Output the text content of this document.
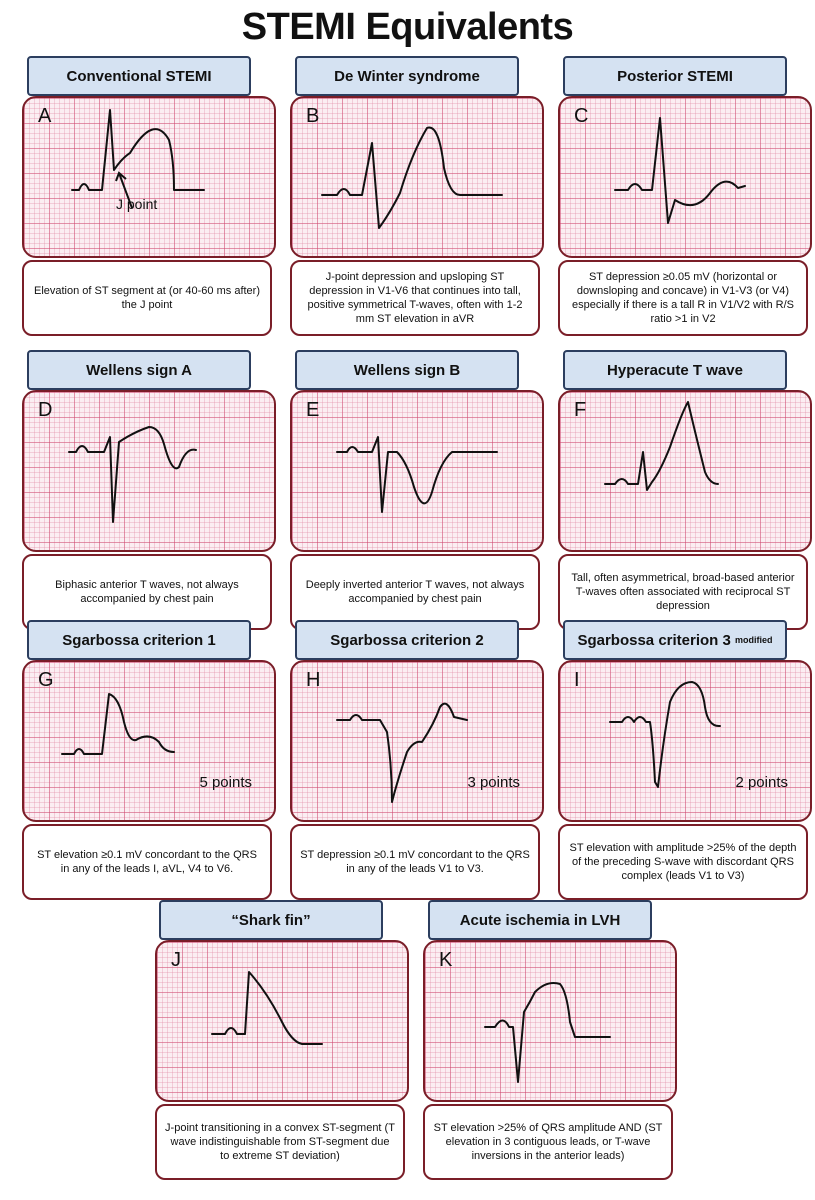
STEMI Equivalents
Conventional STEMI
A
J point
Elevation of ST segment at (or 40-60 ms after) the J point
De Winter syndrome
B
J-point depression and upsloping ST depression in V1-V6 that continues into tall, positive symmetrical T-waves, often with 1-2 mm ST elevation in aVR
Posterior STEMI
C
ST depression ≥0.05 mV (horizontal or downsloping and concave) in V1-V3 (or V4) especially if there is a tall R in V1/V2 with R/S ratio >1 in V2
Wellens sign A
D
Biphasic anterior T waves, not always accompanied by chest pain
Wellens sign B
E
Deeply inverted anterior T waves, not always accompanied by chest pain
Hyperacute T wave
F
Tall, often asymmetrical, broad-based anterior T-waves often associated with reciprocal ST depression
Sgarbossa criterion 1
G
5 points
ST elevation ≥0.1 mV concordant to the QRS in any of the leads I, aVL, V4 to V6.
Sgarbossa criterion 2
H
3 points
ST depression ≥0.1 mV concordant to the QRS in any of the leads V1 to V3.
Sgarbossa criterion 3
modified
I
2 points
ST elevation with amplitude >25% of the depth of the preceding S-wave with discordant QRS complex (leads V1 to V3)
“Shark fin”
J
J-point transitioning in a convex ST-segment (T wave indistinguishable from ST-segment due to extreme ST deviation)
Acute ischemia in LVH
K
ST elevation >25% of QRS amplitude AND (ST elevation in 3 contiguous leads, or T-wave inversions in the anterior leads)
